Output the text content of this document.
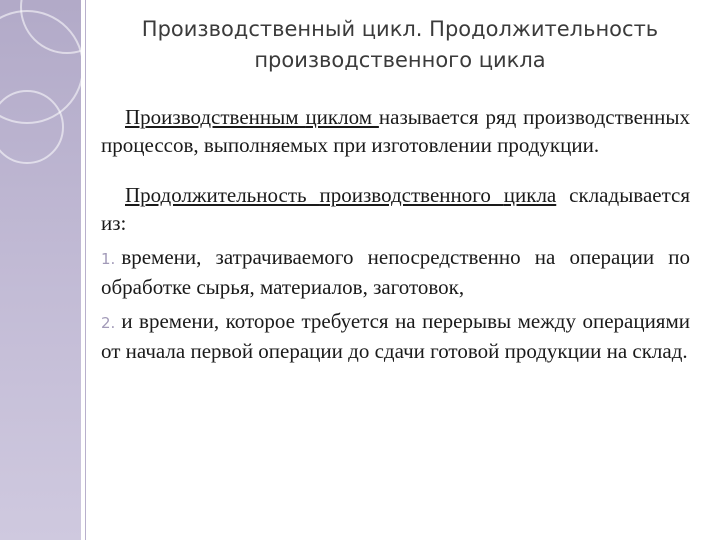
Производственный цикл. Продолжительность производственного цикла
Производственным циклом называется ряд производственных процессов, выполняемых при изготовлении продукции.
Продолжительность производственного цикла складывается из:
1. времени, затрачиваемого непосредственно на операции по обработке сырья, материалов, заготовок,
2. и времени, которое требуется на перерывы между операциями от начала первой операции до сдачи готовой продукции на склад.
